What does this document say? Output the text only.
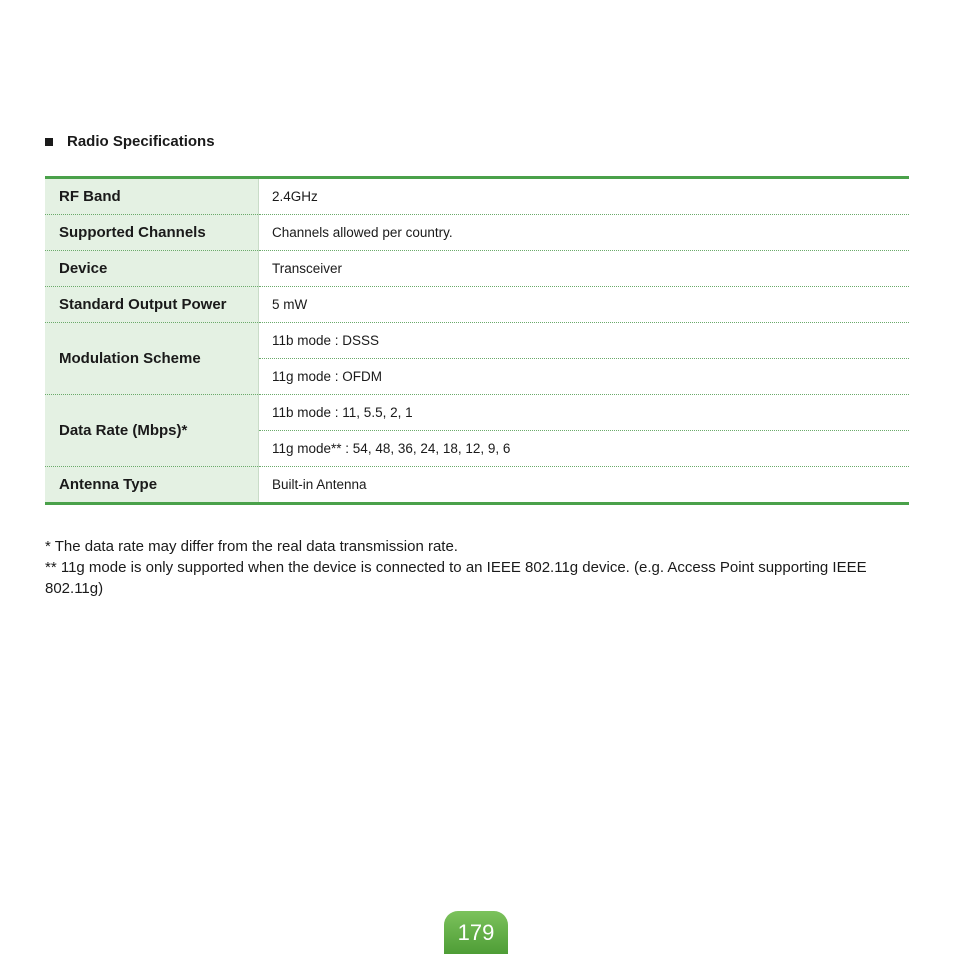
Radio Specifications
RF Band	2.4GHz
Supported Channels	Channels allowed per country.
Device	Transceiver
Standard Output Power	5 mW
Modulation Scheme	11b mode : DSSS
	11g mode : OFDM
Data Rate (Mbps)*	11b mode : 11, 5.5, 2, 1
	11g mode** : 54, 48, 36, 24, 18, 12, 9, 6
Antenna Type	Built-in Antenna

* The data rate may differ from the real data transmission rate.

** 11g mode is only supported when the device is connected to an IEEE 802.11g device. (e.g. Access Point supporting IEEE 802.11g)

179
